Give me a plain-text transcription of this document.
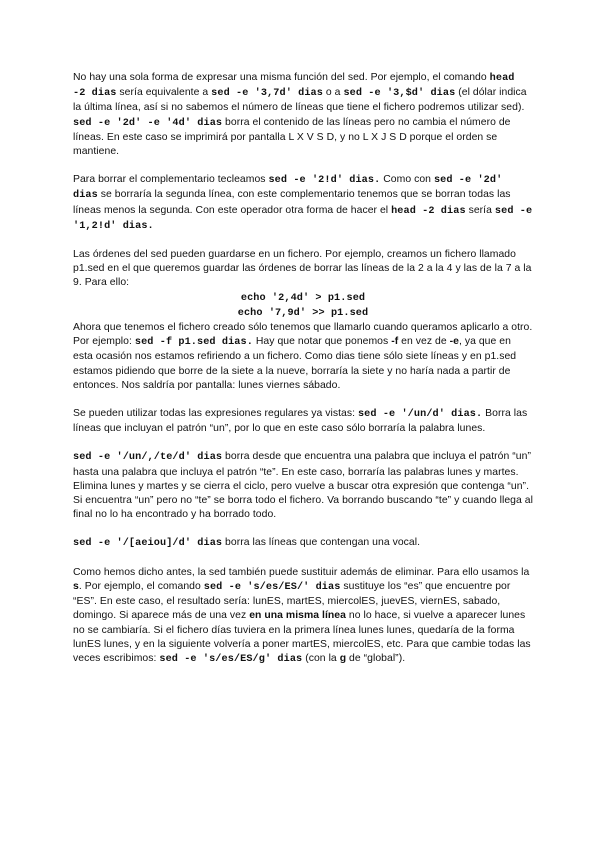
No hay una sola forma de expresar una misma función del sed. Por ejemplo, el comando head -2 dias sería equivalente a sed -e '3,7d' dias o a sed -e '3,$d' dias (el dólar indica la última línea, así si no sabemos el número de líneas que tiene el fichero podremos utilizar sed).
sed -e '2d' -e '4d' dias borra el contenido de las líneas pero no cambia el número de líneas. En este caso se imprimirá por pantalla L X V S D, y no L X J S D porque el orden se mantiene.

Para borrar el complementario tecleamos sed -e '2!d' dias. Como con sed -e '2d' dias se borraría la segunda línea, con este complementario tenemos que se borran todas las líneas menos la segunda. Con este operador otra forma de hacer el head -2 dias sería sed -e '1,2!d' dias.

Las órdenes del sed pueden guardarse en un fichero. Por ejemplo, creamos un fichero llamado p1.sed en el que queremos guardar las órdenes de borrar las líneas de la 2 a la 4 y las de la 7 a la 9. Para ello:

echo '2,4d' > p1.sed
echo '7,9d' >> p1.sed

Ahora que tenemos el fichero creado sólo tenemos que llamarlo cuando queramos aplicarlo a otro. Por ejemplo: sed -f p1.sed dias. Hay que notar que ponemos -f en vez de -e, ya que en esta ocasión nos estamos refiriendo a un fichero. Como dias tiene sólo siete líneas y en p1.sed estamos pidiendo que borre de la siete a la nueve, borraría la siete y no haría nada a partir de entonces. Nos saldría por pantalla: lunes viernes sábado.

Se pueden utilizar todas las expresiones regulares ya vistas: sed -e '/un/d' dias. Borra las líneas que incluyan el patrón “un”, por lo que en este caso sólo borraría la palabra lunes.

sed -e '/un/,/te/d' dias borra desde que encuentra una palabra que incluya el patrón “un” hasta una palabra que incluya el patrón “te”. En este caso, borraría las palabras lunes y martes. Elimina lunes y martes y se cierra el ciclo, pero vuelve a buscar otra expresión que contenga “un”. Si encuentra “un” pero no “te” se borra todo el fichero. Va borrando buscando “te” y cuando llega al final no lo ha encontrado y ha borrado todo.

sed -e '/[aeiou]/d' dias borra las líneas que contengan una vocal.

Como hemos dicho antes, la sed también puede sustituir además de eliminar. Para ello usamos la s. Por ejemplo, el comando sed -e 's/es/ES/' dias sustituye los “es” que encuentre por “ES”. En este caso, el resultado sería: lunES, martES, miercolES, juevES, viernES, sabado, domingo. Si aparece más de una vez en una misma línea no lo hace, si vuelve a aparecer lunes no se cambiaría. Si el fichero días tuviera en la primera línea lunes lunes, quedaría de la forma lunES lunes, y en la siguiente volvería a poner martES, miercolES, etc. Para que cambie todas las veces escribimos: sed -e 's/es/ES/g' dias (con la g de “global”).
